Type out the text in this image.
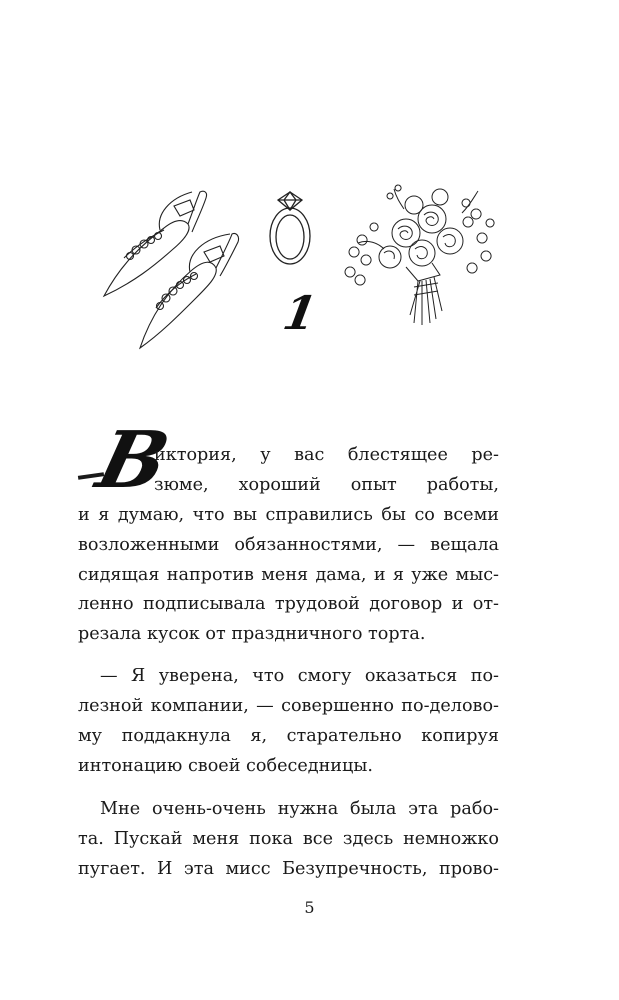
1
В
иктория, у вас блестящее ре-
зюме, хороший опыт работы,
и я думаю, что вы справились бы со всеми
возложенными обязанностями, — вещала
сидящая напротив меня дама, и я уже мыс-
ленно подписывала трудовой договор и от-
резала кусок от праздничного торта.
— Я уверена, что смогу оказаться по-
лезной компании, — совершенно по-делово-
му поддакнула я, старательно копируя
интонацию своей собеседницы.
Мне очень-очень нужна была эта рабо-
та. Пускай меня пока все здесь немножко
пугает. И эта мисс Безупречность, прово-
5
